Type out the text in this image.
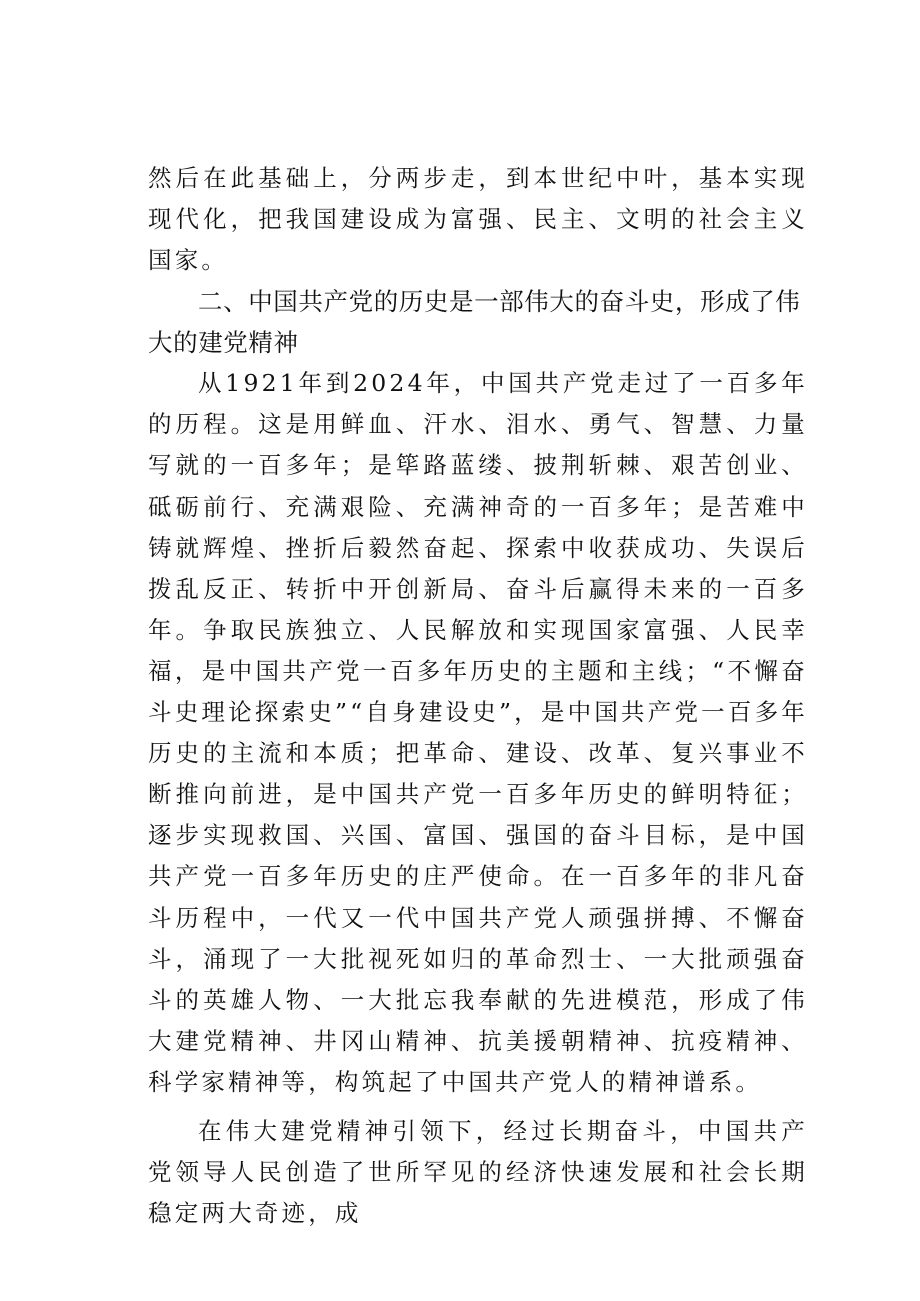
然后在此基础上，分两步走，到本世纪中叶，基本实现现代化，把我国建设成为富强、民主、文明的社会主义国家。

二、中国共产党的历史是一部伟大的奋斗史，形成了伟大的建党精神

从1921年到2024年，中国共产党走过了一百多年的历程。这是用鲜血、汗水、泪水、勇气、智慧、力量写就的一百多年；是筚路蓝缕、披荆斩棘、艰苦创业、砥砺前行、充满艰险、充满神奇的一百多年；是苦难中铸就辉煌、挫折后毅然奋起、探索中收获成功、失误后拨乱反正、转折中开创新局、奋斗后赢得未来的一百多年。争取民族独立、人民解放和实现国家富强、人民幸福，是中国共产党一百多年历史的主题和主线；“不懈奋斗史理论探索史”“自身建设史”，是中国共产党一百多年历史的主流和本质；把革命、建设、改革、复兴事业不断推向前进，是中国共产党一百多年历史的鲜明特征；逐步实现救国、兴国、富国、强国的奋斗目标，是中国共产党一百多年历史的庄严使命。在一百多年的非凡奋斗历程中，一代又一代中国共产党人顽强拼搏、不懈奋斗，涌现了一大批视死如归的革命烈士、一大批顽强奋斗的英雄人物、一大批忘我奉献的先进模范，形成了伟大建党精神、井冈山精神、抗美援朝精神、抗疫精神、科学家精神等，构筑起了中国共产党人的精神谱系。

在伟大建党精神引领下，经过长期奋斗，中国共产党领导人民创造了世所罕见的经济快速发展和社会长期稳定两大奇迹，成
